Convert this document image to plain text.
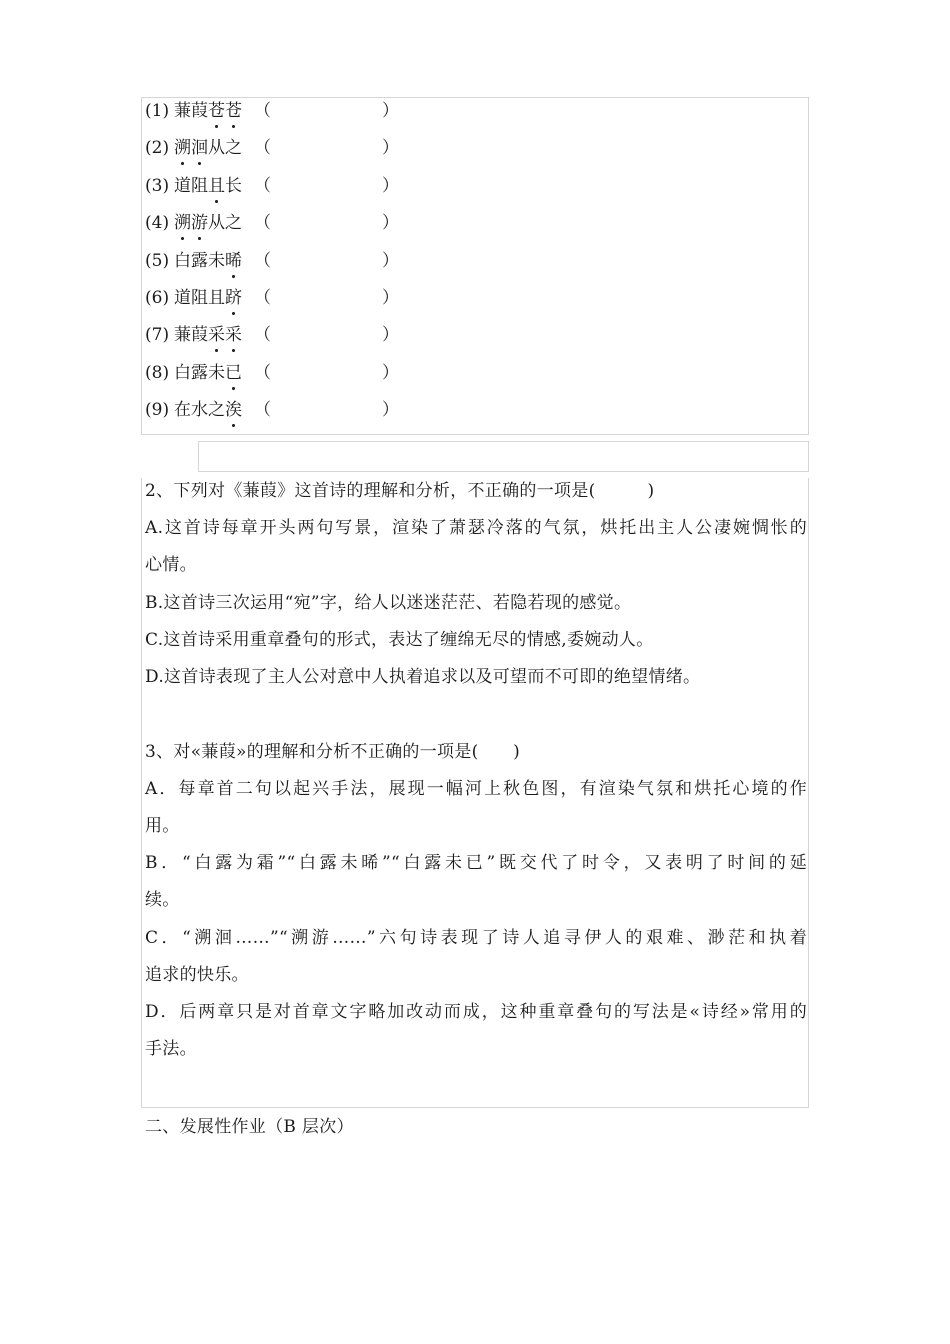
(1) 蒹葭苍苍 （	）
(2) 溯洄从之 （	）
(3) 道阻且长 （	）
(4) 溯游从之 （	）
(5) 白露未晞 （	）
(6) 道阻且跻 （	）
(7) 蒹葭采采 （	）
(8) 白露未已 （	）
(9) 在水之涘 （	）
2、下列对《蒹葭》这首诗的理解和分析，不正确的一项是(　　　)
A.这首诗每章开头两句写景，渲染了萧瑟冷落的气氛，烘托出主人公凄婉惆怅的
心情。
B.这首诗三次运用“宛”字，给人以迷迷茫茫、若隐若现的感觉。
C.这首诗采用重章叠句的形式，表达了缠绵无尽的情感,委婉动人。
D.这首诗表现了主人公对意中人执着追求以及可望而不可即的绝望情绪。
3、对«蒹葭»的理解和分析不正确的一项是(　　)
A．每章首二句以起兴手法，展现一幅河上秋色图，有渲染气氛和烘托心境的作
用。
B．“白露为霜”“白露未晞”“白露未已”既交代了时令，又表明了时间的延
续。
C．“溯洄……”“溯游……”六句诗表现了诗人追寻伊人的艰难、渺茫和执着
追求的快乐。
D．后两章只是对首章文字略加改动而成，这种重章叠句的写法是«诗经»常用的
手法。
二、发展性作业（B 层次）
